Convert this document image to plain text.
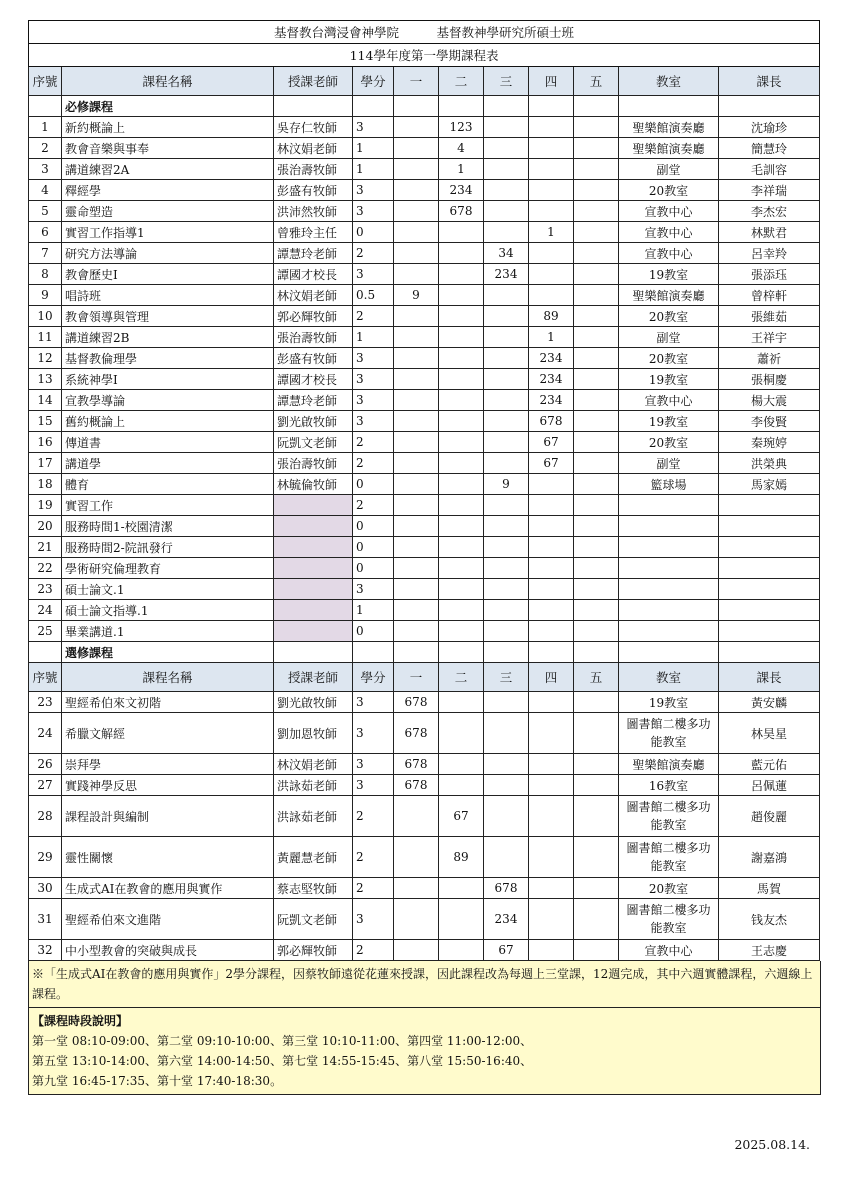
基督教台灣浸會神學院　　　基督教神學研究所碩士班										
114學年度第一學期課程表										
序號	課程名稱	授課老師	學分	一	二	三	四	五	教室	課長
	必修課程									
1	新約概論上	吳存仁牧師	3		123				聖樂館演奏廳	沈瑜珍
2	教會音樂與事奉	林汶娟老師	1		4				聖樂館演奏廳	簡慧玲
3	講道練習2A	張治壽牧師	1		1				副堂	毛訓容
4	釋經學	彭盛有牧師	3		234				20教室	李祥瑞
5	靈命塑造	洪沛然牧師	3		678				宣教中心	李杰宏
6	實習工作指導1	曾雅玲主任	0				1		宣教中心	林默君
7	研究方法導論	譚慧玲老師	2			34			宣教中心	呂幸羚
8	教會歷史I	譚國才校長	3			234			19教室	張添珏
9	唱詩班	林汶娟老師	0.5	9					聖樂館演奏廳	曾梓軒
10	教會領導與管理	郭必輝牧師	2				89		20教室	張維茹
11	講道練習2B	張治壽牧師	1				1		副堂	王祥宇
12	基督教倫理學	彭盛有牧師	3				234		20教室	蕭祈
13	系統神學I	譚國才校長	3				234		19教室	張桐慶
14	宣教學導論	譚慧玲老師	3				234		宣教中心	楊大震
15	舊約概論上	劉光啟牧師	3				678		19教室	李俊賢
16	傳道書	阮凱文老師	2				67		20教室	秦琬婷
17	講道學	張治壽牧師	2				67		副堂	洪榮典
18	體育	林毓倫牧師	0			9			籃球場	馬家嫣
19	實習工作		2							
20	服務時間1-校園清潔		0							
21	服務時間2-院訊發行		0							
22	學術研究倫理教育		0							
23	碩士論文.1		3							
24	碩士論文指導.1		1							
25	畢業講道.1		0							
	選修課程									
序號	課程名稱	授課老師	學分	一	二	三	四	五	教室	課長
23	聖經希伯來文初階	劉光啟牧師	3	678					19教室	黃安麟
24	希臘文解經	劉加恩牧師	3	678					圖書館二樓多功能教室	林昊星
26	崇拜學	林汶娟老師	3	678					聖樂館演奏廳	藍元佑
27	實踐神學反思	洪詠茹老師	3	678					16教室	呂佩蓮
28	課程設計與編制	洪詠茹老師	2		67				圖書館二樓多功能教室	趙俊麗
29	靈性關懷	黃麗慧老師	2		89				圖書館二樓多功能教室	謝嘉鴻
30	生成式AI在教會的應用與實作	蔡志堅牧師	2			678			20教室	馬賀
31	聖經希伯來文進階	阮凱文老師	3			234			圖書館二樓多功能教室	钱友杰
32	中小型教會的突破與成長	郭必輝牧師	2			67			宣教中心	王志慶
※「生成式AI在教會的應用與實作」2學分課程，因蔡牧師遠從花蓮來授課，因此課程改為每週上三堂課，12週完成，其中六週實體課程，六週線上課程。
【課程時段說明】
第一堂 08:10-09:00、第二堂 09:10-10:00、第三堂 10:10-11:00、第四堂 11:00-12:00、
第五堂 13:10-14:00、第六堂 14:00-14:50、第七堂 14:55-15:45、第八堂 15:50-16:40、
第九堂 16:45-17:35、第十堂 17:40-18:30。
2025.08.14.
